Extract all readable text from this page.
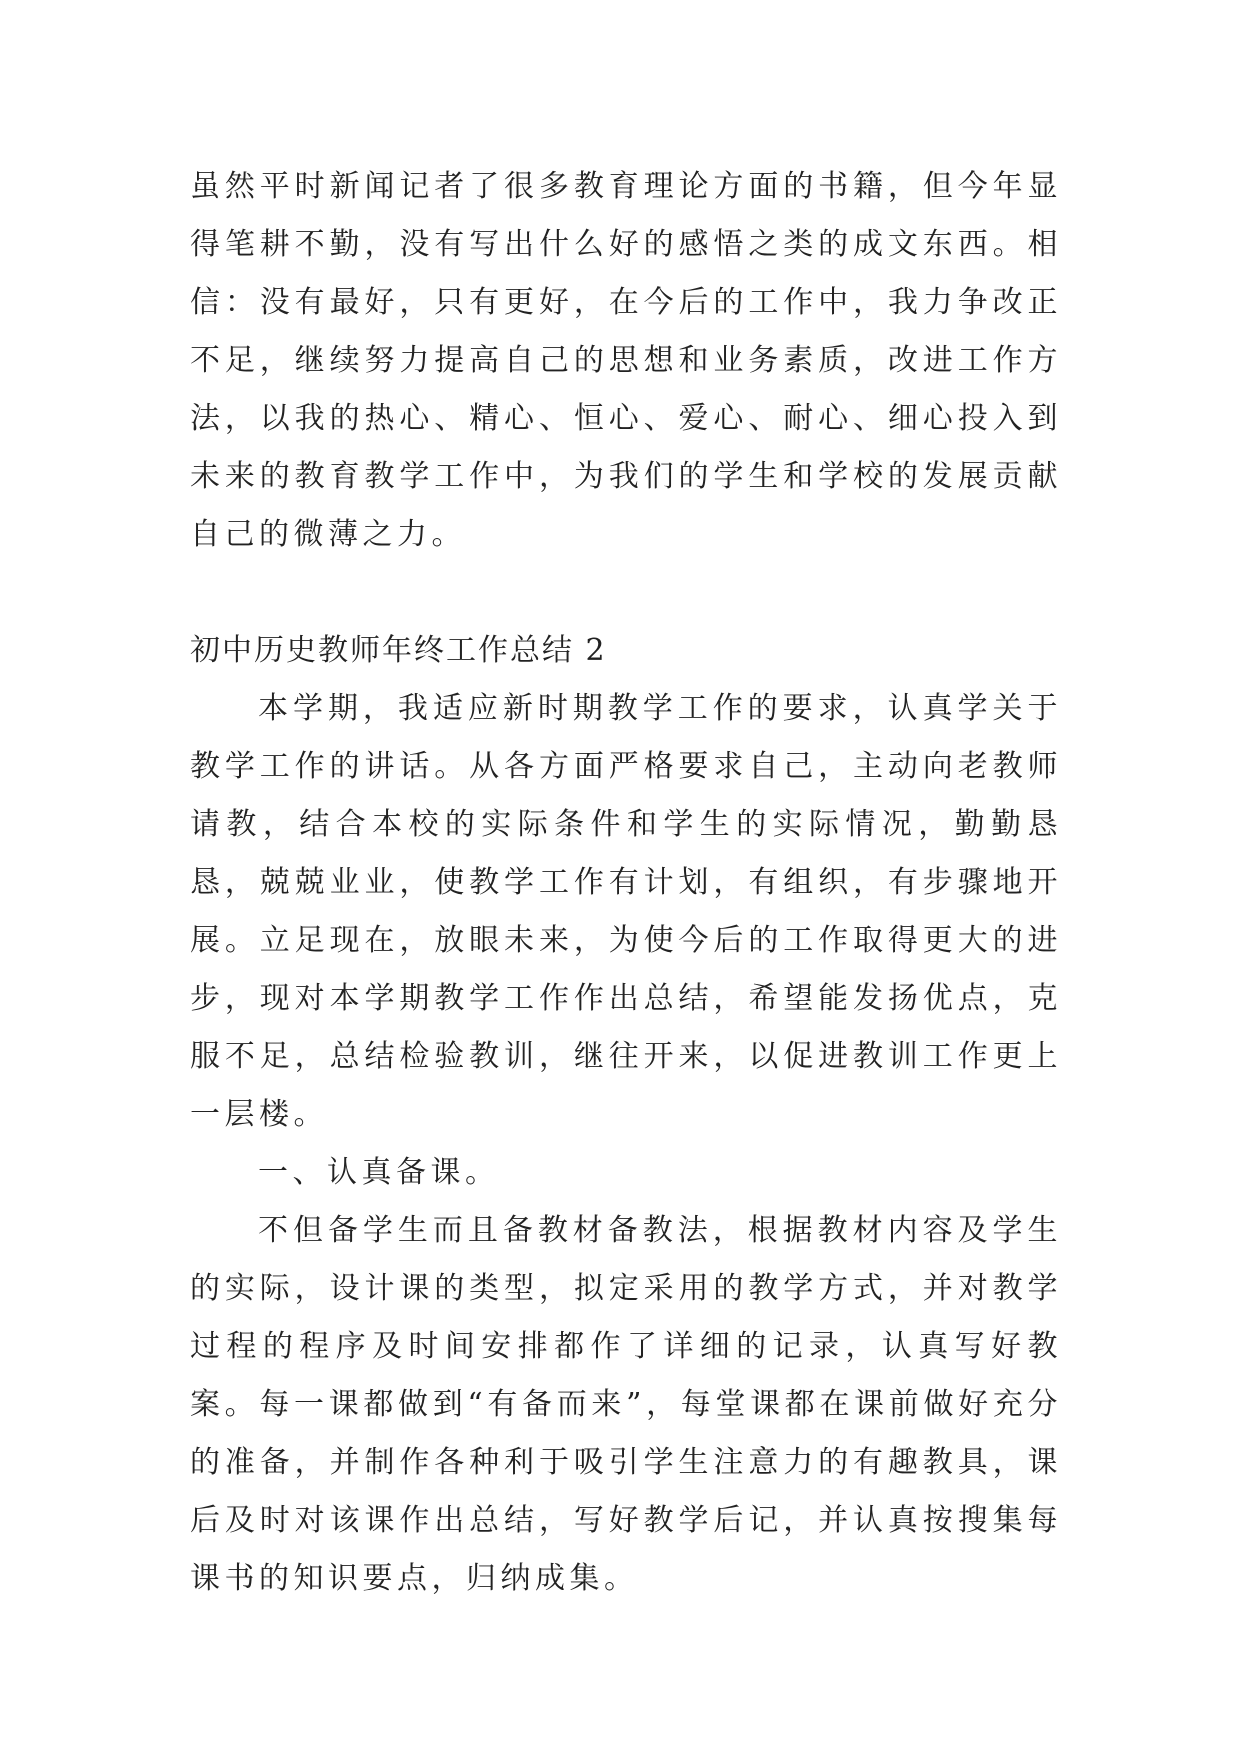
虽然平时新闻记者了很多教育理论方面的书籍，但今年显得笔耕不勤，没有写出什么好的感悟之类的成文东西。相信：没有最好，只有更好，在今后的工作中，我力争改正不足，继续努力提高自己的思想和业务素质，改进工作方法，以我的热心、精心、恒心、爱心、耐心、细心投入到未来的教育教学工作中，为我们的学生和学校的发展贡献自己的微薄之力。

初中历史教师年终工作总结 2

本学期，我适应新时期教学工作的要求，认真学关于教学工作的讲话。从各方面严格要求自己，主动向老教师请教，结合本校的实际条件和学生的实际情况，勤勤恳恳，兢兢业业，使教学工作有计划，有组织，有步骤地开展。立足现在，放眼未来，为使今后的工作取得更大的进步，现对本学期教学工作作出总结，希望能发扬优点，克服不足，总结检验教训，继往开来，以促进教训工作更上一层楼。

一、认真备课。

不但备学生而且备教材备教法，根据教材内容及学生的实际，设计课的类型，拟定采用的教学方式，并对教学过程的程序及时间安排都作了详细的记录，认真写好教案。每一课都做到“有备而来”，每堂课都在课前做好充分的准备，并制作各种利于吸引学生注意力的有趣教具，课后及时对该课作出总结，写好教学后记，并认真按搜集每课书的知识要点，归纳成集。
